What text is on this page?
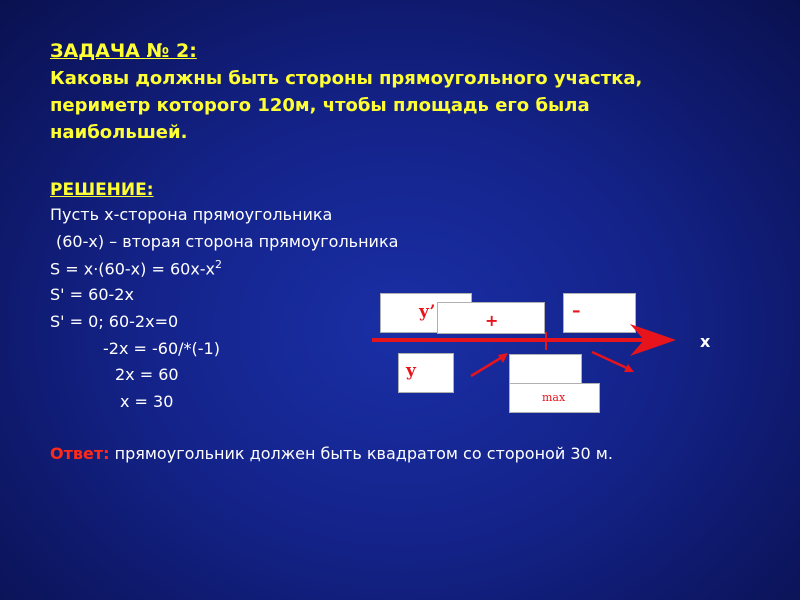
ЗАДАЧА № 2:
Каковы должны быть стороны прямоугольного участка,
периметр которого 120м, чтобы площадь его была
наибольшей.
РЕШЕНИЕ:
Пусть х-сторона прямоугольника
(60-х) – вторая сторона прямоугольника
$S = х\cdot(60-х) = 60х-х^2$
S' = 60-2х
S' = 0; 60-2х=0
-2х = -60/*(-1)
2х = 60
х = 30
y’	+	–
y
max
x
Ответ: прямоугольник должен быть квадратом со стороной 30 м.
